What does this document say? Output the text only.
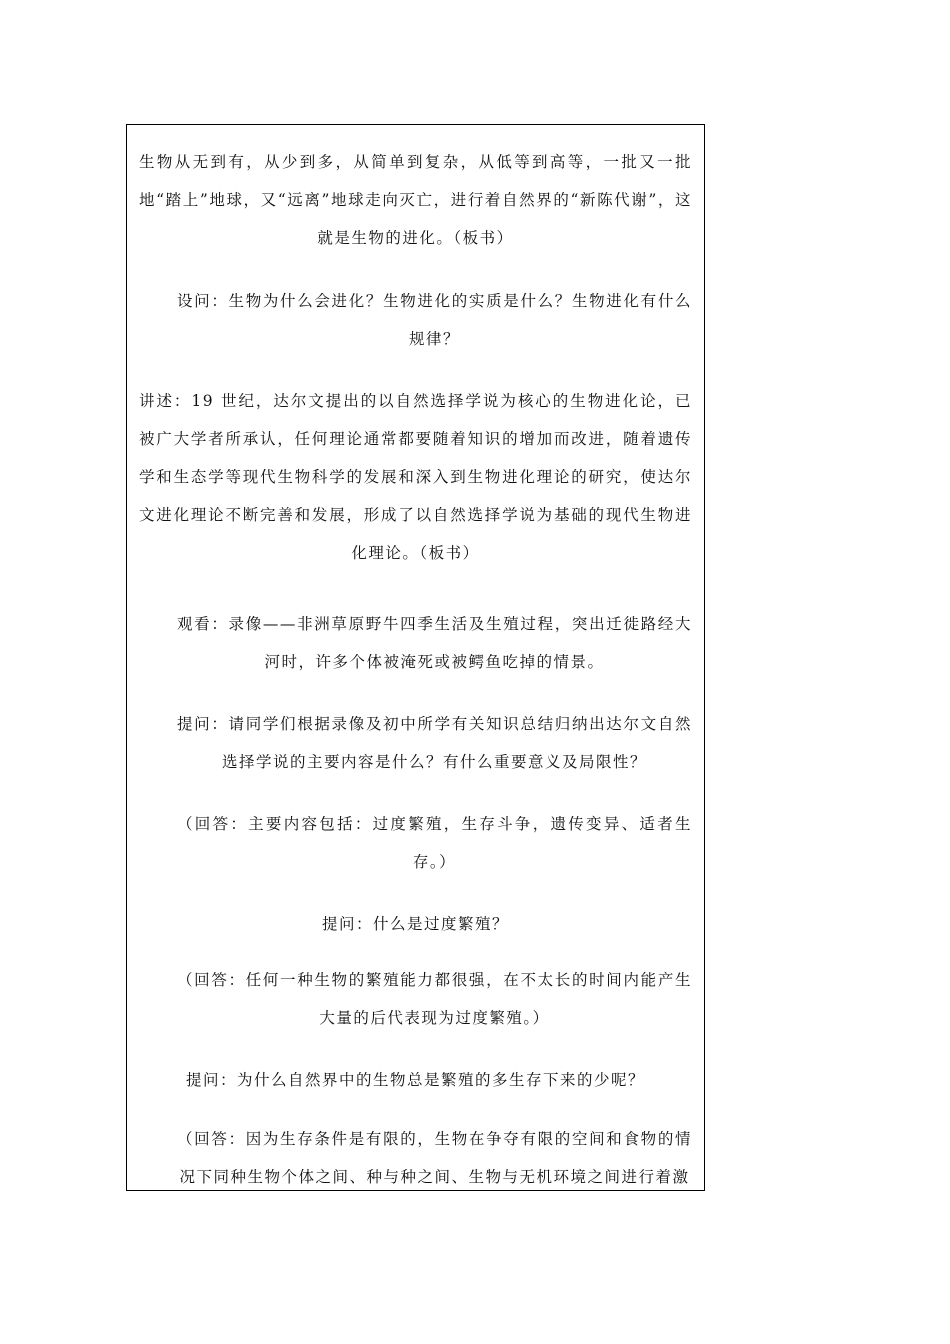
生物从无到有，从少到多，从简单到复杂，从低等到高等，一批又一批地“踏上”地球，又“远离”地球走向灭亡，进行着自然界的“新陈代谢”，这就是生物的进化。（板书）

设问：生物为什么会进化？生物进化的实质是什么？生物进化有什么规律？

讲述：19 世纪，达尔文提出的以自然选择学说为核心的生物进化论，已被广大学者所承认，任何理论通常都要随着知识的增加而改进，随着遗传学和生态学等现代生物科学的发展和深入到生物进化理论的研究，使达尔文进化理论不断完善和发展，形成了以自然选择学说为基础的现代生物进化理论。（板书）

观看：录像——非洲草原野牛四季生活及生殖过程，突出迁徙路经大河时，许多个体被淹死或被鳄鱼吃掉的情景。

提问：请同学们根据录像及初中所学有关知识总结归纳出达尔文自然选择学说的主要内容是什么？有什么重要意义及局限性？

（回答：主要内容包括：过度繁殖，生存斗争，遗传变异、适者生存。）

提问：什么是过度繁殖？

（回答：任何一种生物的繁殖能力都很强，在不太长的时间内能产生大量的后代表现为过度繁殖。）

提问：为什么自然界中的生物总是繁殖的多生存下来的少呢？

（回答：因为生存条件是有限的，生物在争夺有限的空间和食物的情况下同种生物个体之间、种与种之间、生物与无机环境之间进行着激
